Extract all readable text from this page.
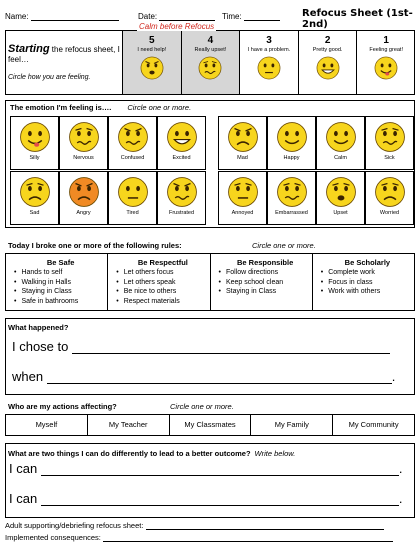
Name:	Date:	Time:	Refocus Sheet (1st-2nd)
Calm before Refocus
Starting the refocus sheet, I feel…
Circle how you are feeling.
5
I need help!
4
Really upset!
3
I have a problem.
2
Pretty good.
1
Feeling great!
The emotion I'm feeling is…. Circle one or more.
Silly	Nervous	Confused	Excited	Mad	Happy	Calm	Sick
Sad	Angry	Tired	Frustrated	Annoyed	Embarrassed	Upset	Worried
Today I broke one or more of the following rules:	Circle one or more.
Be Safe
• Hands to self
• Walking in Halls
• Staying in Class
• Safe in bathrooms
Be Respectful
• Let others focus
• Let others speak
• Be nice to others
• Respect materials
Be Responsible
• Follow directions
• Keep school clean
• Staying in Class
Be Scholarly
• Complete work
• Focus in class
• Work with others
What happened?
I chose to
when	.
Who are my actions affecting?	Circle one or more.
Myself	My Teacher	My Classmates	My Family	My Community
What are two things I can do differently to lead to a better outcome? Write below.
I can	.
I can	.
Adult supporting/debriefing refocus sheet:
Implemented consequences:
